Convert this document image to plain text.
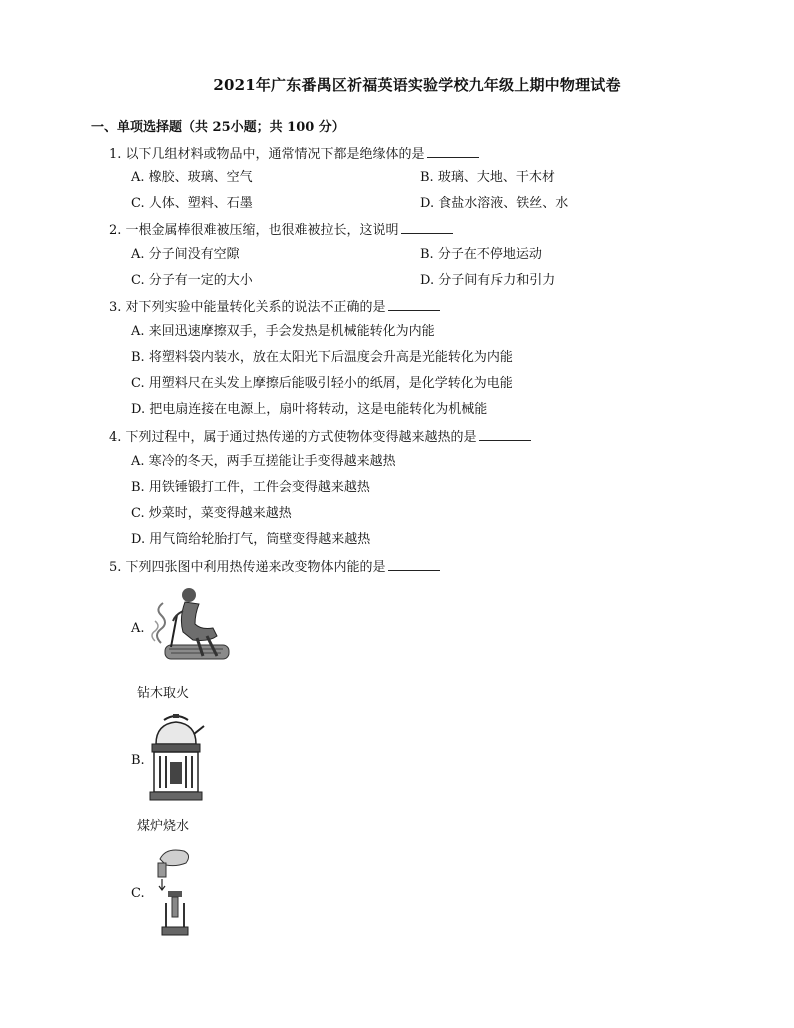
2021年广东番禺区祈福英语实验学校九年级上期中物理试卷
一、单项选择题（共 25小题；共 100 分）
1. 以下几组材料或物品中，通常情况下都是绝缘体的是
A. 橡胶、玻璃、空气	B. 玻璃、大地、干木材
C. 人体、塑料、石墨	D. 食盐水溶液、铁丝、水
2. 一根金属棒很难被压缩，也很难被拉长，这说明
A. 分子间没有空隙	B. 分子在不停地运动
C. 分子有一定的大小	D. 分子间有斥力和引力
3. 对下列实验中能量转化关系的说法不正确的是
A. 来回迅速摩擦双手，手会发热是机械能转化为内能
B. 将塑料袋内装水，放在太阳光下后温度会升高是光能转化为内能
C. 用塑料尺在头发上摩擦后能吸引轻小的纸屑，是化学转化为电能
D. 把电扇连接在电源上，扇叶将转动，这是电能转化为机械能
4. 下列过程中，属于通过热传递的方式使物体变得越来越热的是
A. 寒冷的冬天，两手互搓能让手变得越来越热
B. 用铁锤锻打工件，工件会变得越来越热
C. 炒菜时，菜变得越来越热
D. 用气筒给轮胎打气，筒壁变得越来越热
5. 下列四张图中利用热传递来改变物体内能的是
A.
钻木取火
B.
煤炉烧水
C.
